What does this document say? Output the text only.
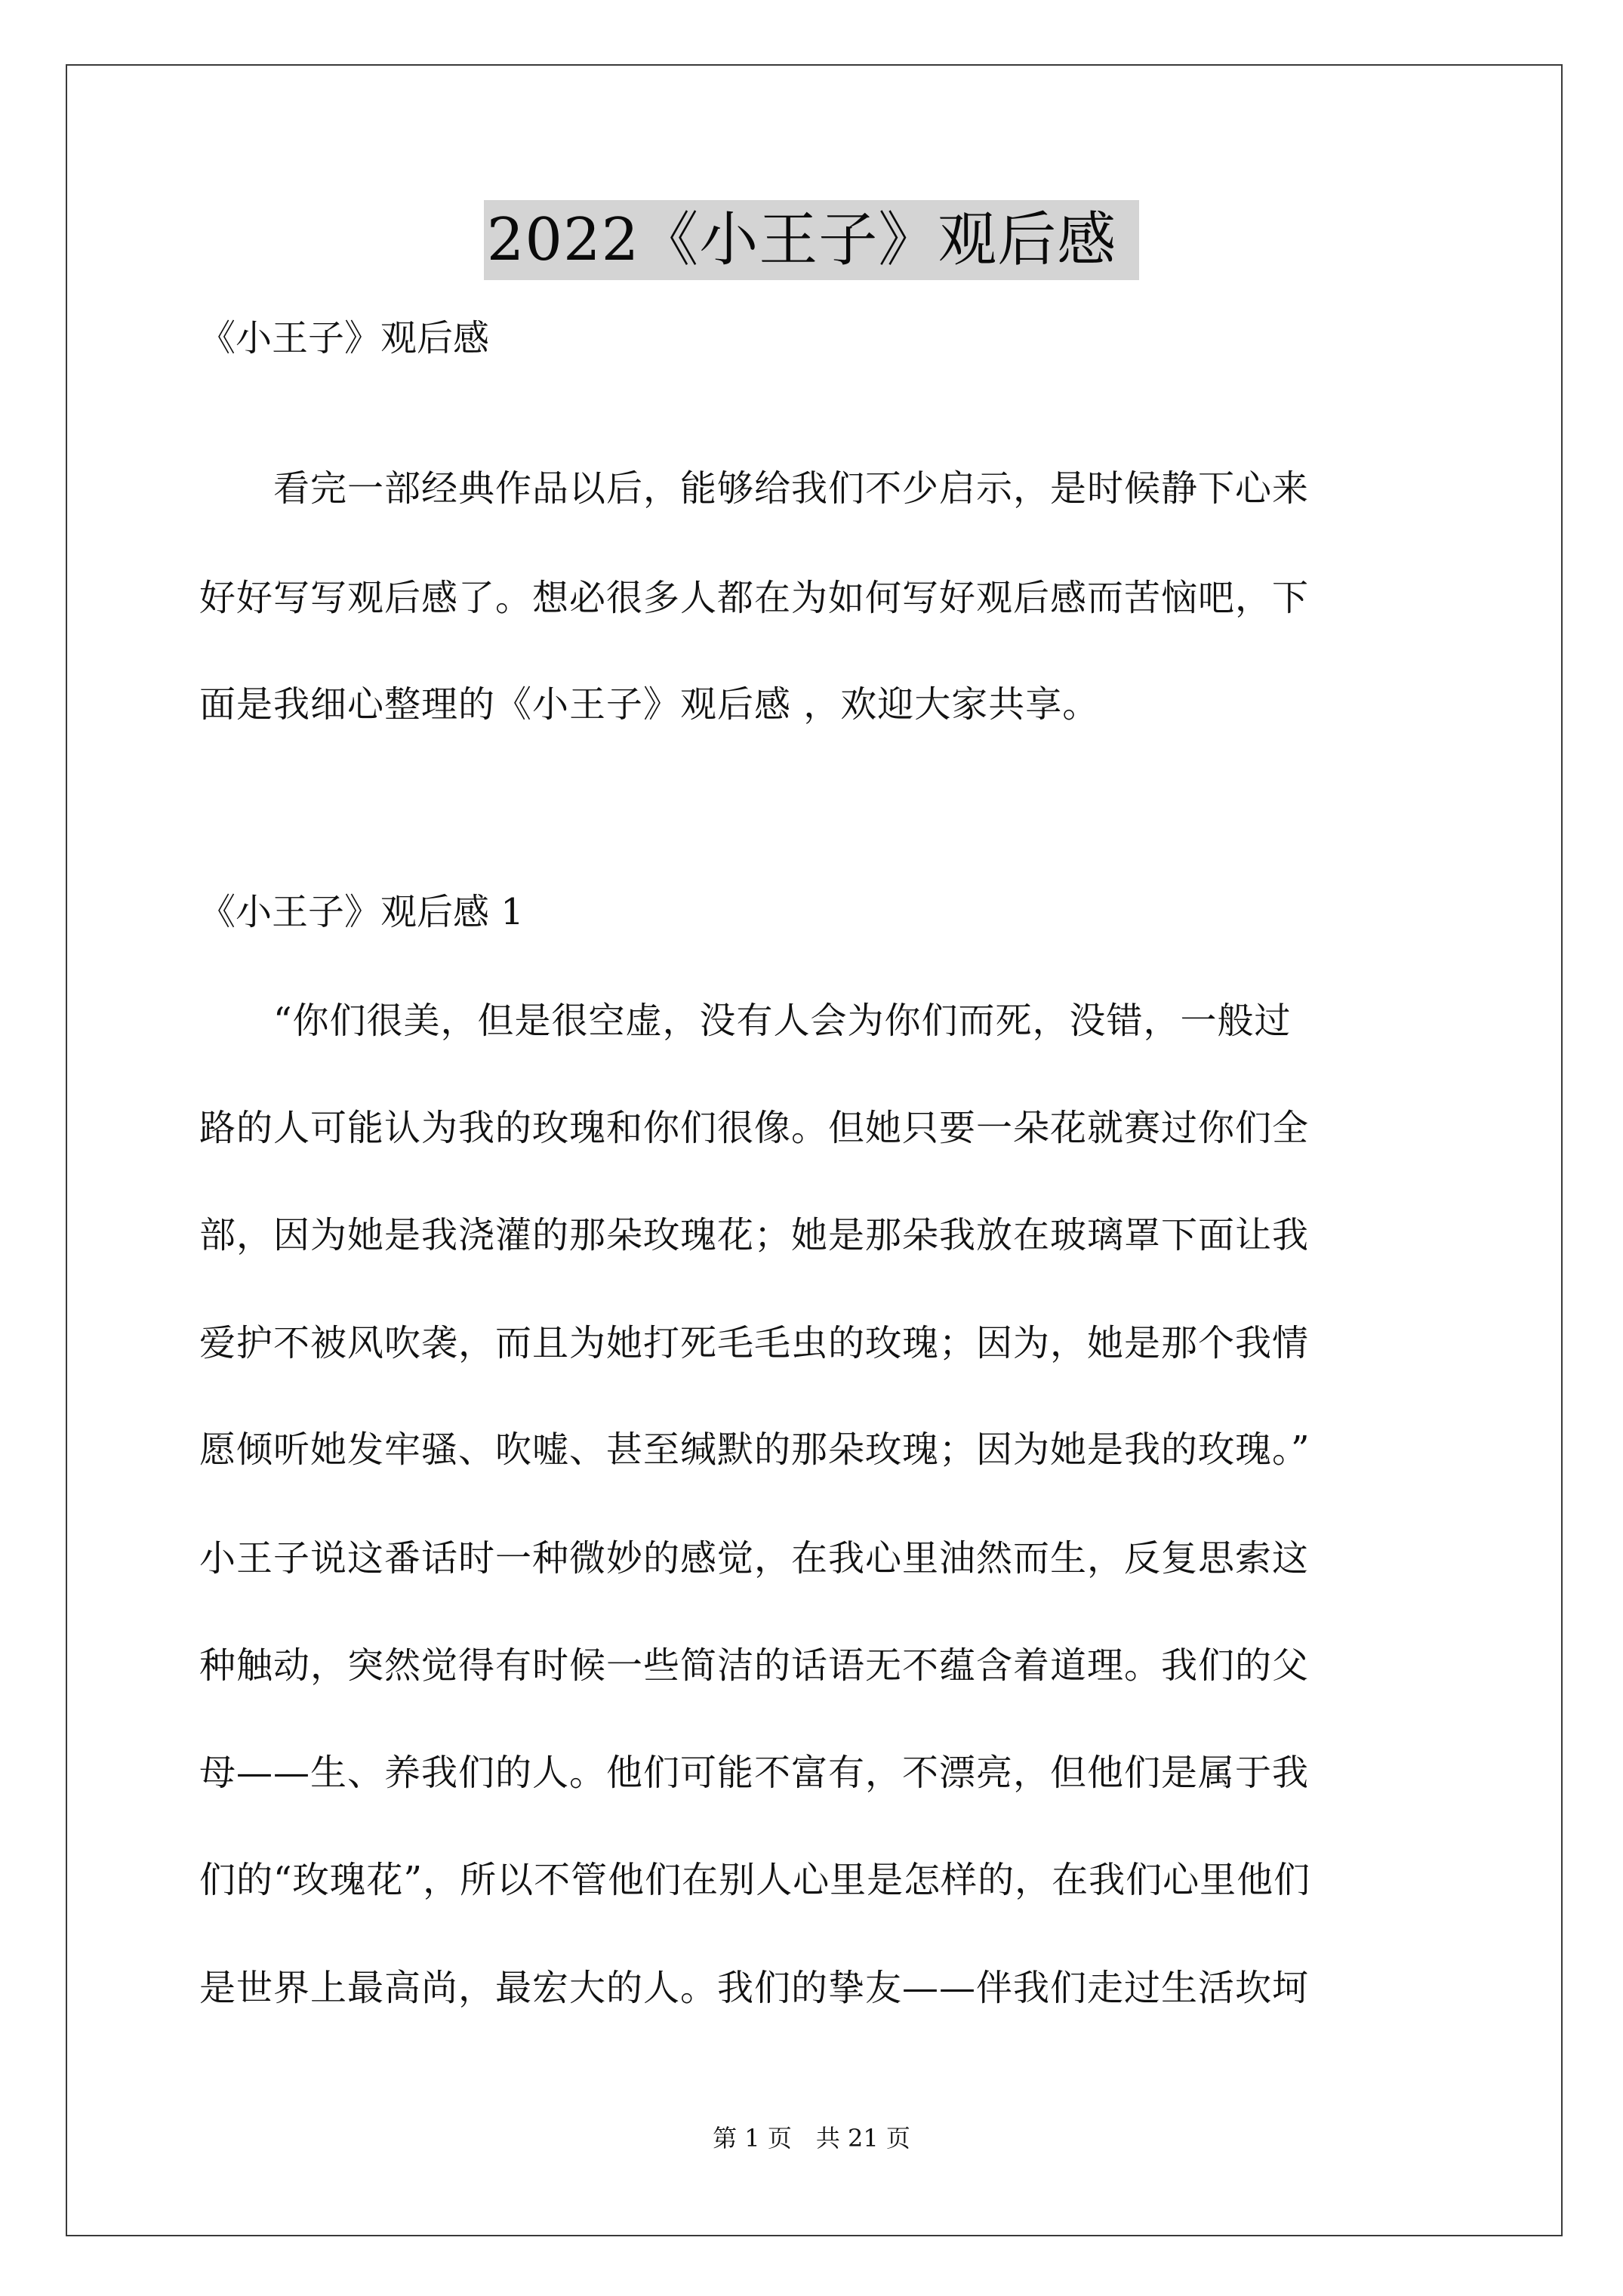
2022《小王子》观后感

《小王子》观后感

　　看完一部经典作品以后，能够给我们不少启示，是时候静下心来
好好写写观后感了。想必很多人都在为如何写好观后感而苦恼吧，下
面是我细心整理的《小王子》观后感 ，欢迎大家共享。

《小王子》观后感 1

　　“你们很美，但是很空虚，没有人会为你们而死，没错，一般过
路的人可能认为我的玫瑰和你们很像。但她只要一朵花就赛过你们全
部，因为她是我浇灌的那朵玫瑰花；她是那朵我放在玻璃罩下面让我
爱护不被风吹袭，而且为她打死毛毛虫的玫瑰；因为，她是那个我情
愿倾听她发牢骚、吹嘘、甚至缄默的那朵玫瑰；因为她是我的玫瑰。”
小王子说这番话时一种微妙的感觉，在我心里油然而生，反复思索这
种触动，突然觉得有时候一些简洁的话语无不蕴含着道理。我们的父
母——生、养我们的人。他们可能不富有，不漂亮，但他们是属于我
们的“玫瑰花”，所以不管他们在别人心里是怎样的，在我们心里他们
是世界上最高尚，最宏大的人。我们的挚友——伴我们走过生活坎坷
第 1 页　共 21 页
